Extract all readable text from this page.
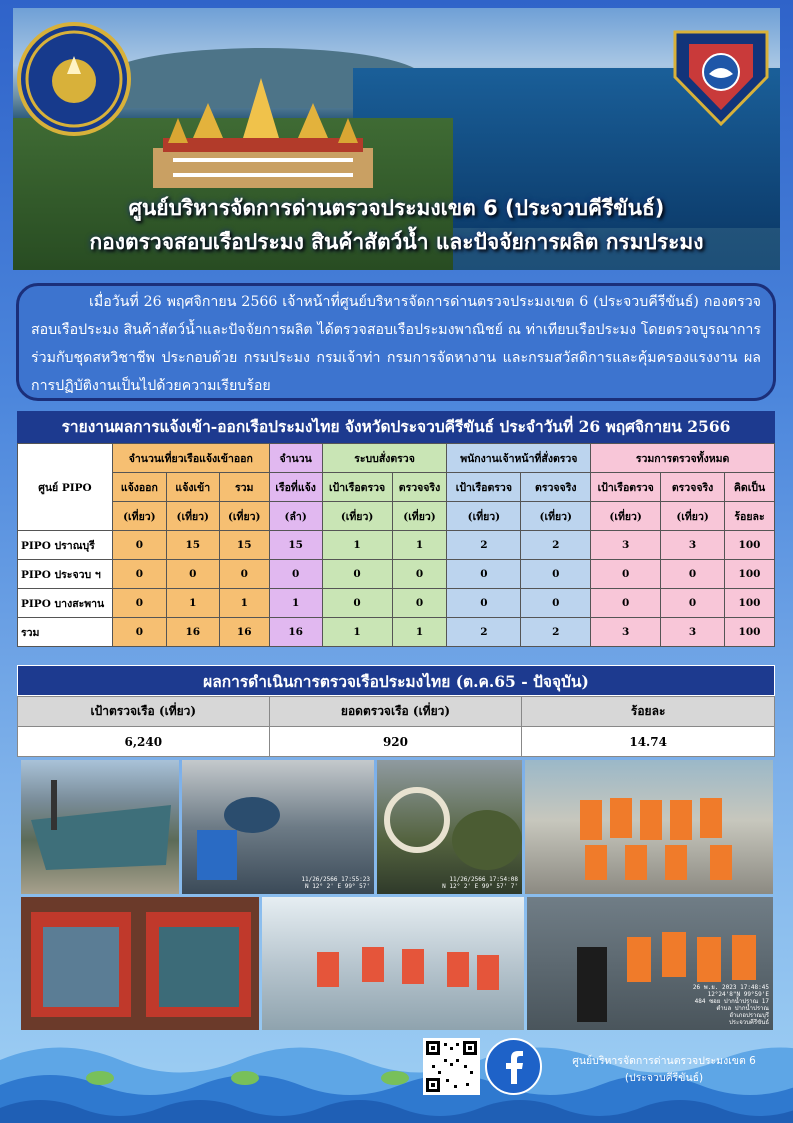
ศูนย์บริหารจัดการด่านตรวจประมงเขต 6 (ประจวบคีรีขันธ์)
กองตรวจสอบเรือประมง สินค้าสัตว์น้ำ และปัจจัยการผลิต กรมประมง
เมื่อวันที่ 26 พฤศจิกายน 2566 เจ้าหน้าที่ศูนย์บริหารจัดการด่านตรวจประมงเขต 6 (ประจวบคีรีขันธ์) กองตรวจสอบเรือประมง สินค้าสัตว์น้ำและปัจจัยการผลิต ได้ตรวจสอบเรือประมงพาณิชย์ ณ ท่าเทียบเรือประมง โดยตรวจบูรณาการร่วมกับชุดสหวิชาชีพ ประกอบด้วย กรมประมง กรมเจ้าท่า กรมการจัดหางาน และกรมสวัสดิการและคุ้มครองแรงงาน ผลการปฏิบัติงานเป็นไปด้วยความเรียบร้อย
รายงานผลการแจ้งเข้า-ออกเรือประมงไทย จังหวัดประจวบคีรีขันธ์ ประจำวันที่ 26 พฤศจิกายน 2566
ศูนย์ PIPO	จำนวนเที่ยวเรือแจ้งเข้าออก			จำนวน	ระบบสั่งตรวจ		พนักงานเจ้าหน้าที่สั่งตรวจ		รวมการตรวจทั้งหมด		
	แจ้งออก	แจ้งเข้า	รวม	เรือที่แจ้ง	เป้าเรือตรวจ	ตรวจจริง	เป้าเรือตรวจ	ตรวจจริง	เป้าเรือตรวจ	ตรวจจริง	คิดเป็น
	(เที่ยว)	(เที่ยว)	(เที่ยว)	(ลำ)	(เที่ยว)	(เที่ยว)	(เที่ยว)	(เที่ยว)	(เที่ยว)	(เที่ยว)	ร้อยละ
PIPO ปราณบุรี	0	15	15	15	1	1	2	2	3	3	100
PIPO ประจวบ ฯ	0	0	0	0	0	0	0	0	0	0	100
PIPO บางสะพาน	0	1	1	1	0	0	0	0	0	0	100
รวม	0	16	16	16	1	1	2	2	3	3	100
ผลการดำเนินการตรวจเรือประมงไทย (ต.ค.65 - ปัจจุบัน)
เป้าตรวจเรือ (เที่ยว)	ยอดตรวจเรือ (เที่ยว)	ร้อยละ
6,240	920	14.74
11/26/2566 17:55:23
N 12° 2' E 99° 57'
11/26/2566 17:54:08
N 12° 2' E 99° 57' 7'
26 พ.ย. 2023 17:48:45
12°24'8"N 99°59'E
484 ซอย ปากน้ำปราณ 17
ตำบล ปากน้ำปราณ
อำเภอปราณบุรี
ประจวบคีรีขันธ์
ศูนย์บริหารจัดการด่านตรวจประมงเขต 6
(ประจวบคีรีขันธ์)
